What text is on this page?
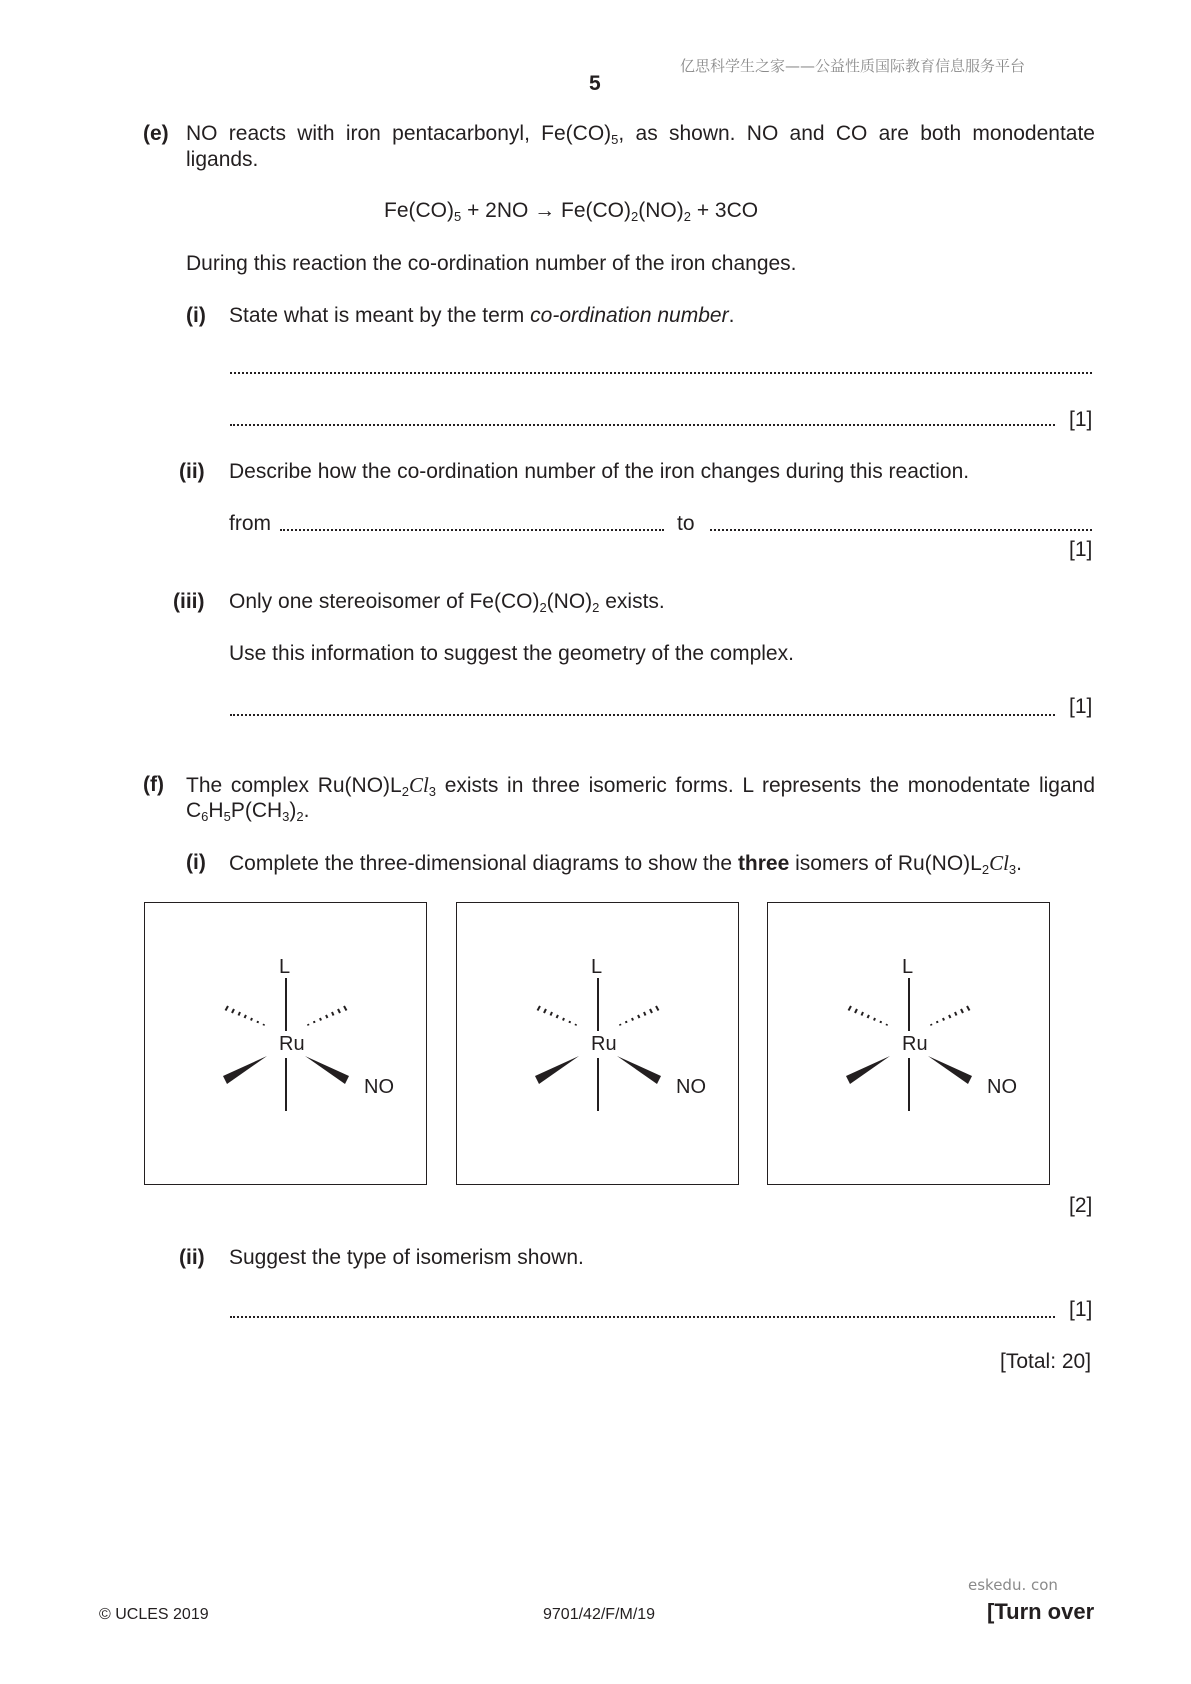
亿思科学生之家——公益性质国际教育信息服务平台
5
(e) NO reacts with iron pentacarbonyl, $Fe(CO)_5$, as shown. NO and CO are both monodentate
ligands.
$Fe(CO)_5 + 2NO \to Fe(CO)_2(NO)_2 + 3CO$
During this reaction the co-ordination number of the iron changes.
(i) State what is meant by the term co-ordination number.
[1]
(ii) Describe how the co-ordination number of the iron changes during this reaction.
from	to
[1]
(iii) Only one stereoisomer of $Fe(CO)_2(NO)_2$ exists.
Use this information to suggest the geometry of the complex.
[1]
(f) The complex $Ru(NO)L_2Cl_3$ exists in three isomeric forms. L represents the monodentate ligand
$C_6H_5P(CH_3)_2$.
(i) Complete the three-dimensional diagrams to show the three isomers of $Ru(NO)L_2Cl_3$.
L
Ru
NO
L
Ru
NO
L
Ru
NO
[2]
(ii) Suggest the type of isomerism shown.
[1]
[Total: 20]
eskedu. con
© UCLES 2019	9701/42/F/M/19	[Turn over
